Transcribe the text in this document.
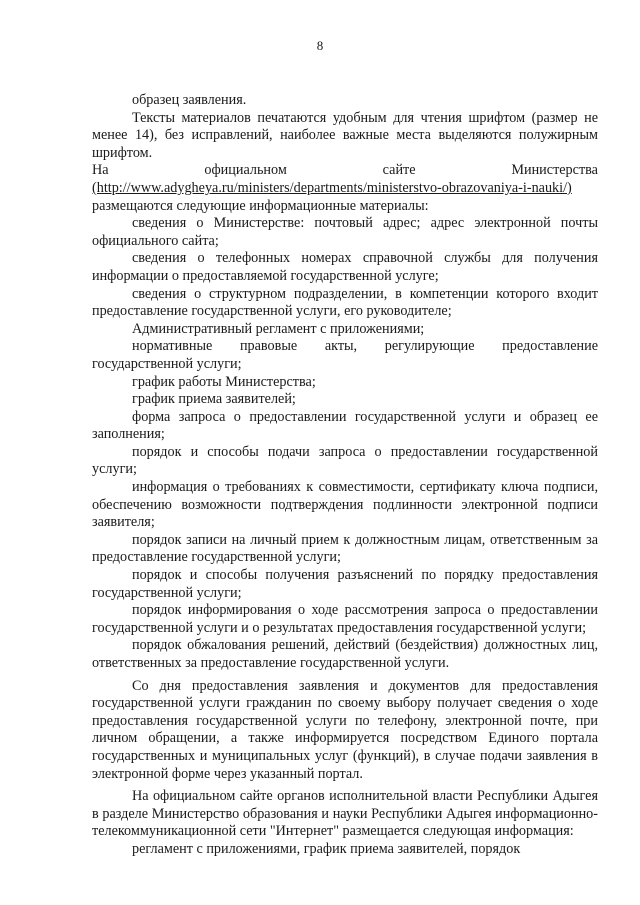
8

образец заявления.

Тексты материалов печатаются удобным для чтения шрифтом (размер не менее 14), без исправлений, наиболее важные места выделяются полужирным шрифтом.

На	официальном	сайте	Министерства
(http://www.adygheya.ru/ministers/departments/ministerstvo-obrazovaniya-i-nauki/)
размещаются следующие информационные материалы:

сведения о Министерстве: почтовый адрес; адрес электронной почты официального сайта;

сведения о телефонных номерах справочной службы для получения информации о предоставляемой государственной услуге;

сведения о структурном подразделении, в компетенции которого входит предоставление государственной услуги, его руководителе;

Административный регламент с приложениями;

нормативные правовые акты, регулирующие предоставление государственной услуги;

график работы Министерства;

график приема заявителей;

форма запроса о предоставлении государственной услуги и образец ее заполнения;

порядок и способы подачи запроса о предоставлении государственной услуги;

информация о требованиях к совместимости, сертификату ключа подписи, обеспечению возможности подтверждения подлинности электронной подписи заявителя;

порядок записи на личный прием к должностным лицам, ответственным за предоставление государственной услуги;

порядок и способы получения разъяснений по порядку предоставления государственной услуги;

порядок информирования о ходе рассмотрения запроса о предоставлении государственной услуги и о результатах предоставления государственной услуги;

порядок обжалования решений, действий (бездействия) должностных лиц, ответственных за предоставление государственной услуги.

Со дня предоставления заявления и документов для предоставления государственной услуги гражданин по своему выбору получает сведения о ходе предоставления государственной услуги по телефону, электронной почте, при личном обращении, а также информируется посредством Единого портала государственных и муниципальных услуг (функций), в случае подачи заявления в электронной форме через указанный портал.

На официальном сайте органов исполнительной власти Республики Адыгея в разделе Министерство образования и науки Республики Адыгея информационно-телекоммуникационной сети "Интернет" размещается следующая информация:

регламент с приложениями, график приема заявителей, порядок
